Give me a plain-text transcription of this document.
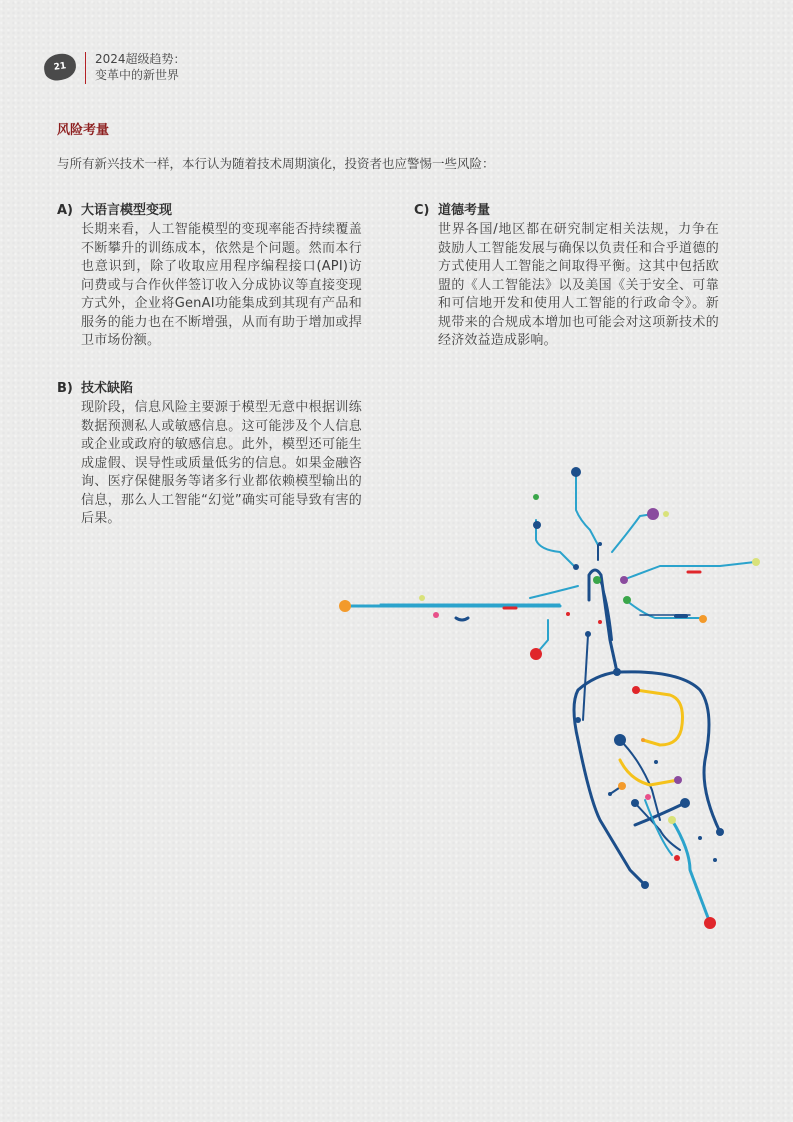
21
2024超级趋势：
变革中的新世界
风险考量
与所有新兴技术一样，本行认为随着技术周期演化，投资者也应警惕一些风险：
A) 大语言模型变现
长期来看，人工智能模型的变现率能否持续覆盖不断攀升的训练成本，依然是个问题。然而本行也意识到，除了收取应用程序编程接口(API)访问费或与合作伙伴签订收入分成协议等直接变现方式外，企业将GenAI功能集成到其现有产品和服务的能力也在不断增强，从而有助于增加或捍卫市场份额。
B) 技术缺陷
现阶段，信息风险主要源于模型无意中根据训练数据预测私人或敏感信息。这可能涉及个人信息或企业或政府的敏感信息。此外，模型还可能生成虚假、误导性或质量低劣的信息。如果金融咨询、医疗保健服务等诸多行业都依赖模型输出的信息，那么人工智能“幻觉”确实可能导致有害的后果。
C) 道德考量
世界各国/地区都在研究制定相关法规，力争在鼓励人工智能发展与确保以负责任和合乎道德的方式使用人工智能之间取得平衡。这其中包括欧盟的《人工智能法》以及美国《关于安全、可靠和可信地开发和使用人工智能的行政命令》。新规带来的合规成本增加也可能会对这项新技术的经济效益造成影响。
